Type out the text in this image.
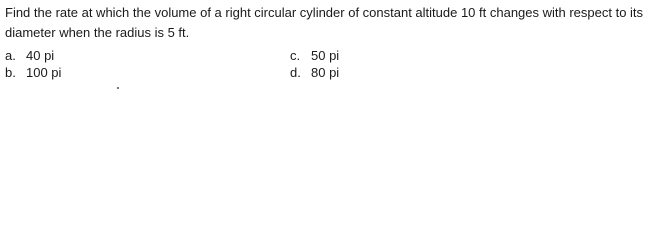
Find the rate at which the volume of a right circular cylinder of constant altitude 10 ft changes with respect to its diameter when the radius is 5 ft.

a. 40 pi
b. 100 pi
c. 50 pi
d. 80 pi
